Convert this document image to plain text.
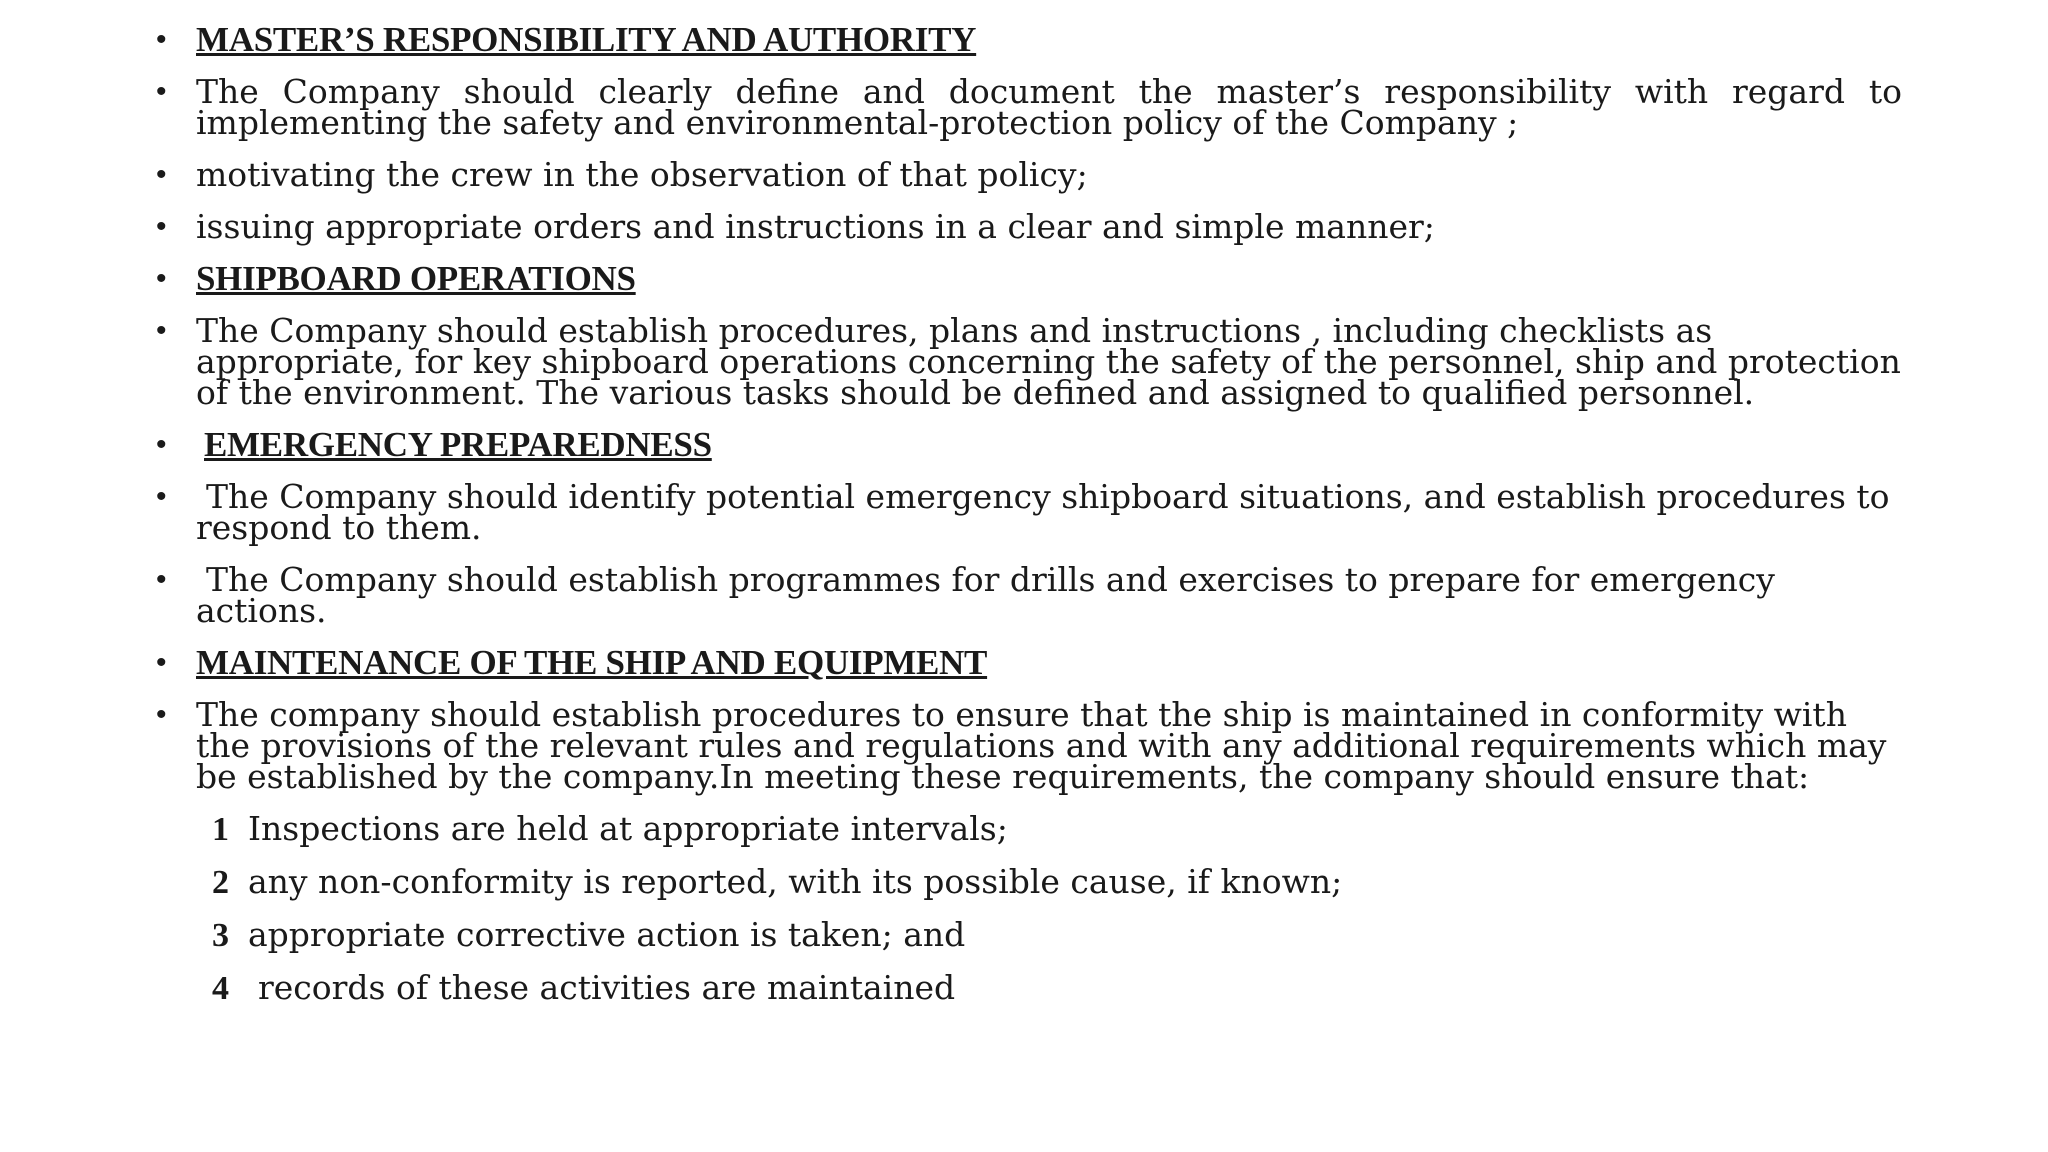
• MASTER’S RESPONSIBILITY AND AUTHORITY
• The Company should clearly define and document the master’s responsibility with regard to implementing the safety and environmental-protection policy of the Company ;
• motivating the crew in the observation of that policy;
• issuing appropriate orders and instructions in a clear and simple manner;
• SHIPBOARD OPERATIONS
• The Company should establish procedures, plans and instructions , including checklists as appropriate, for key shipboard operations concerning the safety of the personnel, ship and protection of the environment. The various tasks should be defined and assigned to qualified personnel.
• EMERGENCY PREPAREDNESS
•	The Company should identify potential emergency shipboard situations, and establish procedures to respond to them.
•	The Company should establish programmes for drills and exercises to prepare for emergency actions.
• MAINTENANCE OF THE SHIP AND EQUIPMENT
• The company should establish procedures to ensure that the ship is maintained in conformity with the provisions of the relevant rules and regulations and with any additional requirements which may be established by the company.In meeting these requirements, the company should ensure that:
1 Inspections are held at appropriate intervals;
2 any non-conformity is reported, with its possible cause, if known;
3 appropriate corrective action is taken; and
4 records of these activities are maintained
